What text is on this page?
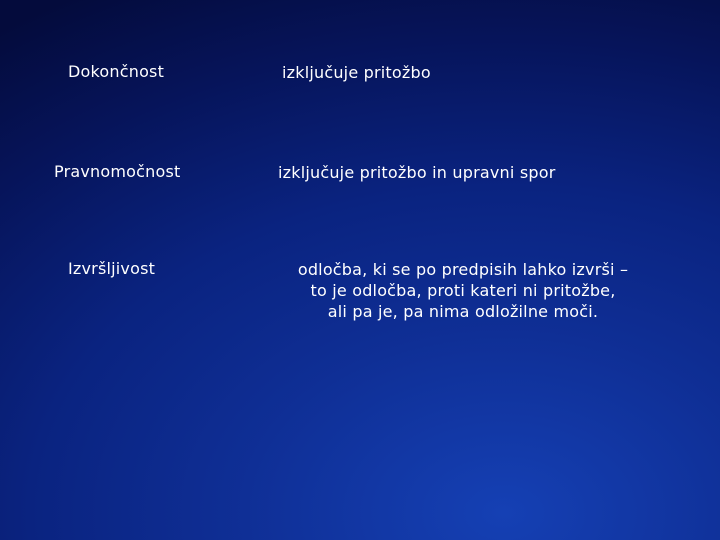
Dokončnost	izključuje pritožbo
Pravnomočnost	izključuje pritožbo in upravni spor
Izvršljivost	odločba, ki se po predpisih lahko izvrši –
to je odločba, proti kateri ni pritožbe,
ali pa je, pa nima odložilne moči.
